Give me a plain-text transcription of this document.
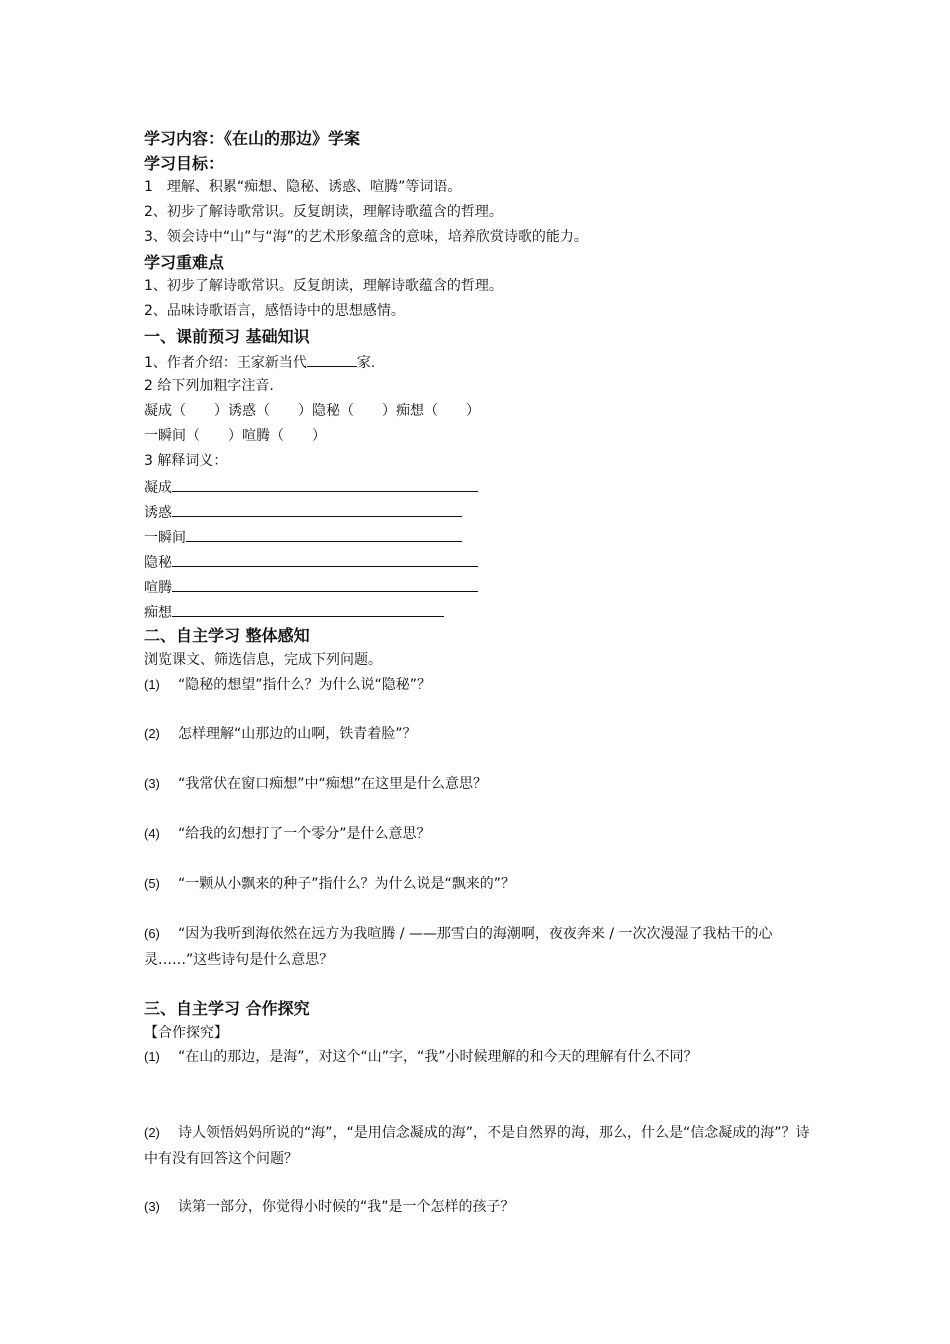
学习内容：《在山的那边》学案
学习目标：
1　理解、积累“痴想、隐秘、诱惑、喧腾”等词语。
2、初步了解诗歌常识。反复朗读，理解诗歌蕴含的哲理。
3、领会诗中“山”与“海”的艺术形象蕴含的意味，培养欣赏诗歌的能力。
学习重难点
1、初步了解诗歌常识。反复朗读，理解诗歌蕴含的哲理。
2、品味诗歌语言，感悟诗中的思想感情。
一、课前预习 基础知识
1、作者介绍：王家新当代	家.
2 给下列加粗字注音.
凝成（ ）诱惑（ ）隐秘（ ）痴想（ ）
一瞬间（ ）喧腾（ ）
3 解释词义：
凝成
诱惑
一瞬间
隐秘
喧腾
痴想
二、自主学习 整体感知
浏览课文、筛选信息，完成下列问题。
(1) “隐秘的想望”指什么？为什么说“隐秘”？
(2) 怎样理解“山那边的山啊，铁青着脸”？
(3) “我常伏在窗口痴想”中“痴想”在这里是什么意思？
(4) “给我的幻想打了一个零分”是什么意思？
(5) “一颗从小飘来的种子”指什么？为什么说是“飘来的”？
(6) “因为我听到海依然在远方为我喧腾 / ——那雪白的海潮啊，夜夜奔来 / 一次次漫湿了我枯干的心灵……”这些诗句是什么意思？
三、自主学习 合作探究
【合作探究】
(1) “在山的那边，是海”，对这个“山”字，“我”小时候理解的和今天的理解有什么不同？
(2) 诗人领悟妈妈所说的“海”，“是用信念凝成的海”，不是自然界的海，那么，什么是“信念凝成的海”？诗中有没有回答这个问题？
(3) 读第一部分，你觉得小时候的“我”是一个怎样的孩子？
